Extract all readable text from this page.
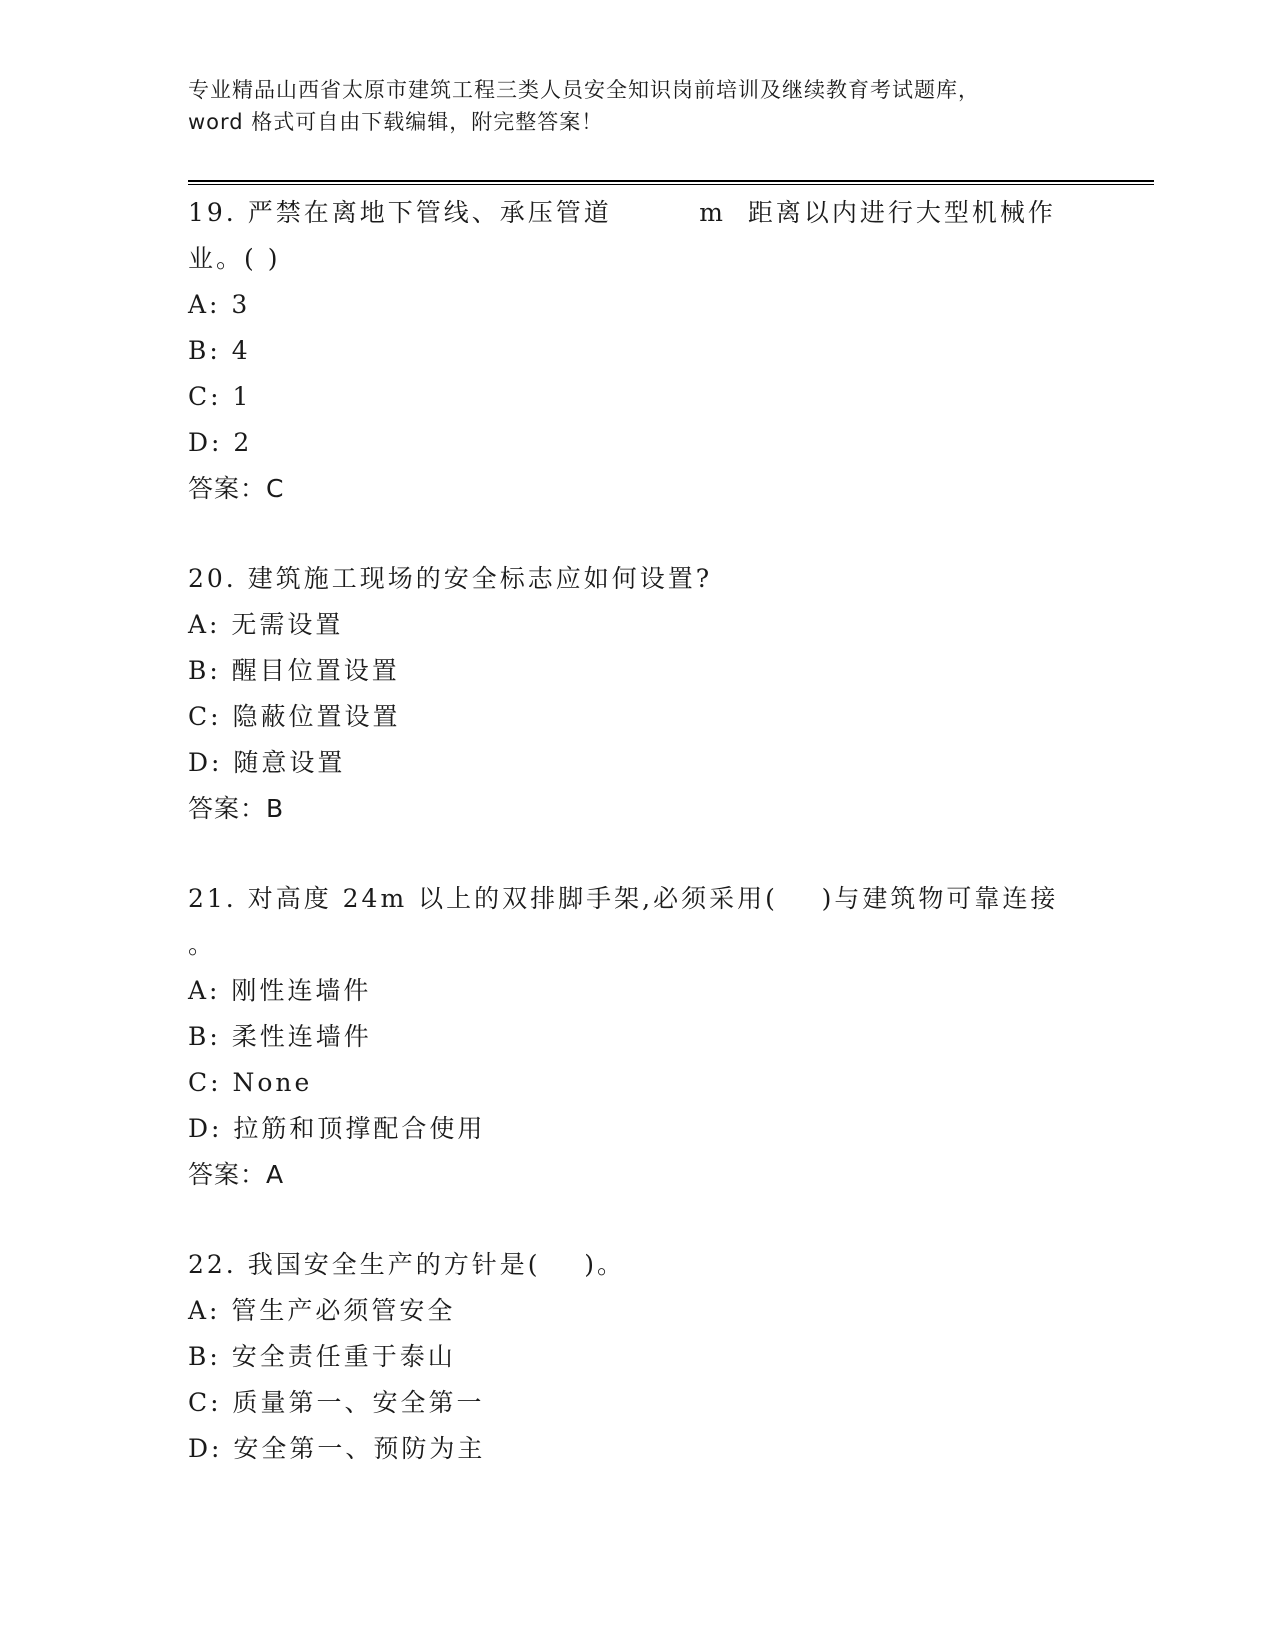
专业精品山西省太原市建筑工程三类人员安全知识岗前培训及继续教育考试题库，
word 格式可自由下载编辑，附完整答案！
19. 严禁在离地下管线、承压管道        m  距离以内进行大型机械作
业。( )
A: 3
B: 4
C: 1
D: 2
答案：C
20. 建筑施工现场的安全标志应如何设置?
A: 无需设置
B: 醒目位置设置
C: 隐蔽位置设置
D: 随意设置
答案：B
21. 对高度 24m 以上的双排脚手架,必须采用(    )与建筑物可靠连接
。
A: 刚性连墙件
B: 柔性连墙件
C: None
D: 拉筋和顶撑配合使用
答案：A
22. 我国安全生产的方针是(    )。
A: 管生产必须管安全
B: 安全责任重于泰山
C: 质量第一、安全第一
D: 安全第一、预防为主
